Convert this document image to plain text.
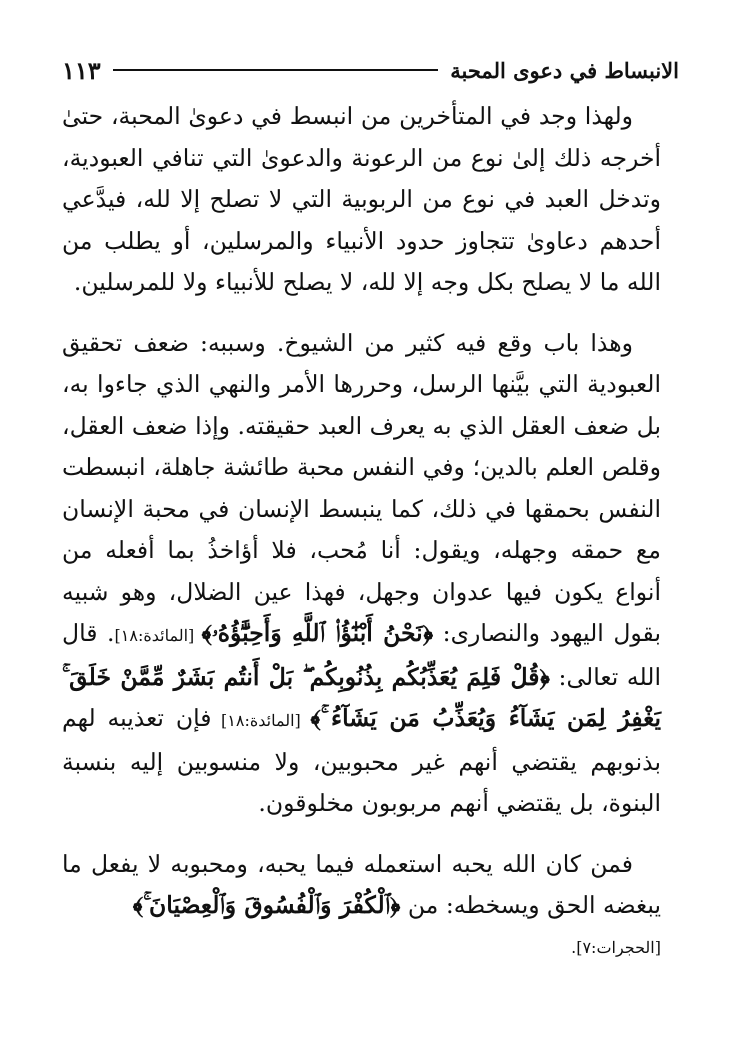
الانبساط في دعوى المحبة
١١٣

ولهذا وجد في المتأخرين من انبسط في دعوىٰ المحبة، حتىٰ أخرجه ذلك إلىٰ نوع من الرعونة والدعوىٰ التي تنافي العبودية، وتدخل العبد في نوع من الربوبية التي لا تصلح إلا لله، فيدَّعي أحدهم دعاوىٰ تتجاوز حدود الأنبياء والمرسلين، أو يطلب من الله ما لا يصلح بكل وجه إلا لله، لا يصلح للأنبياء ولا للمرسلين.

وهذا باب وقع فيه كثير من الشيوخ. وسببه: ضعف تحقيق العبودية التي بيَّنها الرسل، وحررها الأمر والنهي الذي جاءوا به، بل ضعف العقل الذي به يعرف العبد حقيقته. وإذا ضعف العقل، وقلص العلم بالدين؛ وفي النفس محبة طائشة جاهلة، انبسطت النفس بحمقها في ذلك، كما ينبسط الإنسان في محبة الإنسان مع حمقه وجهله، ويقول: أنا مُحب، فلا أؤاخذُ بما أفعله من أنواع يكون فيها عدوان وجهل، فهذا عين الضلال، وهو شبيه بقول اليهود والنصارى: ﴿نَحْنُ أَبْنَٰٓؤُا۟ ٱللَّهِ وَأَحِبَّٰٓؤُهُۥ﴾ [المائدة:١٨]. قال الله تعالى: ﴿قُلْ فَلِمَ يُعَذِّبُكُم بِذُنُوبِكُم ۖ بَلْ أَنتُم بَشَرٌ مِّمَّنْ خَلَقَ ۚ يَغْفِرُ لِمَن يَشَآءُ وَيُعَذِّبُ مَن يَشَآءُ ۚ﴾ [المائدة:١٨] فإن تعذيبه لهم بذنوبهم يقتضي أنهم غير محبوبين، ولا منسوبين إليه بنسبة البنوة، بل يقتضي أنهم مربوبون مخلوقون.

فمن كان الله يحبه استعمله فيما يحبه، ومحبوبه لا يفعل ما يبغضه الحق ويسخطه: من ﴿ٱلْكُفْرَ وَٱلْفُسُوقَ وَٱلْعِصْيَانَ ۚ﴾
[الحجرات:٧].
